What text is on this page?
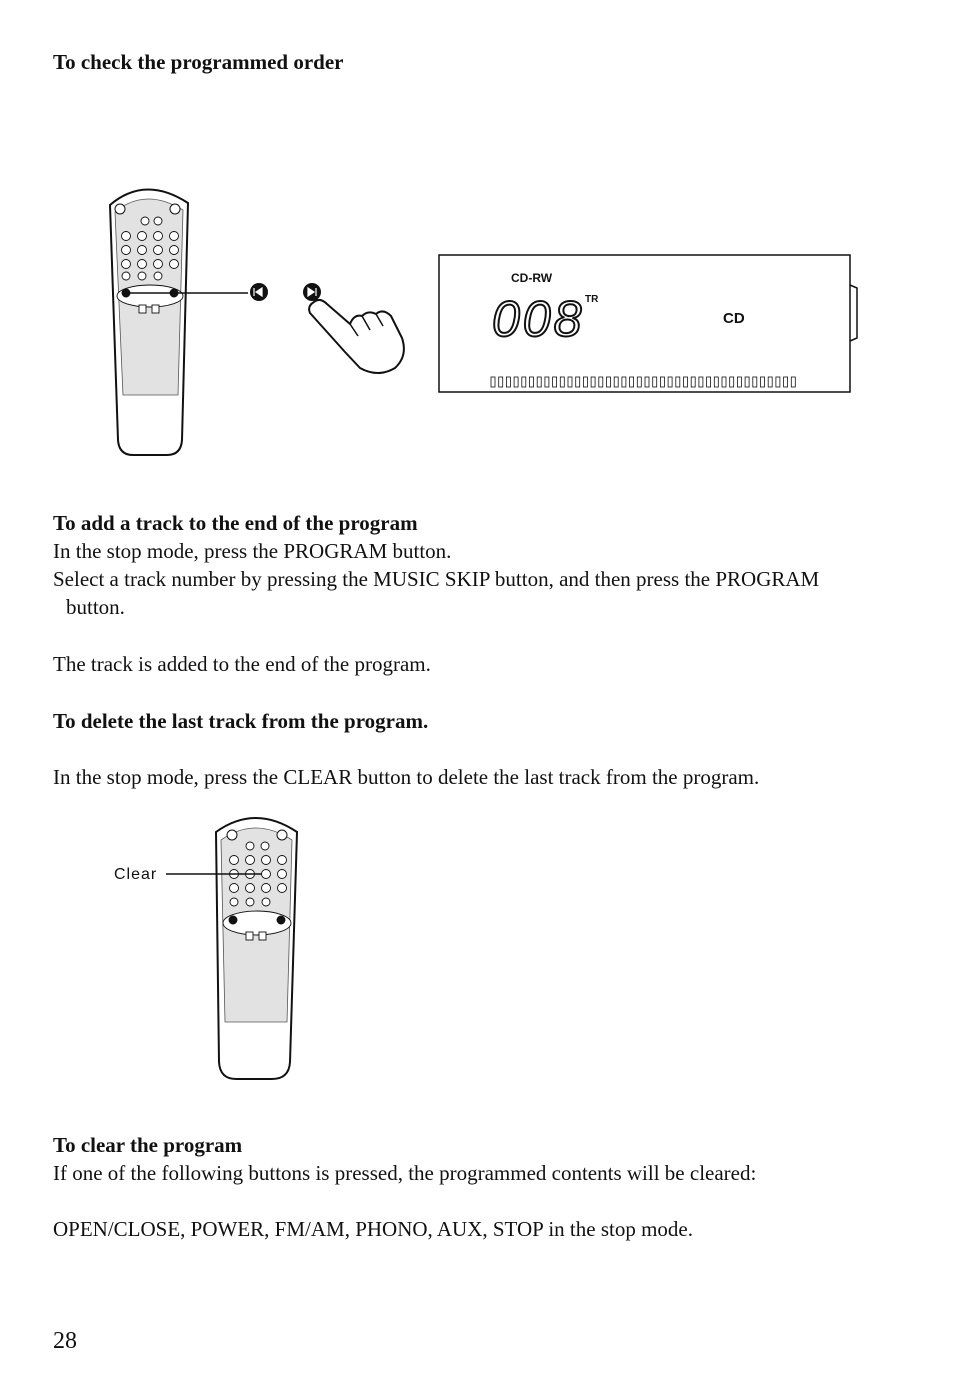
To check the programmed order
CD-RW
008 TR
CD
To add a track to the end of the program
In the stop mode, press the PROGRAM button.
Select a track number by pressing the MUSIC SKIP button, and then press the PROGRAM
button.
The track is added to the end of the program.
To delete the last track from the program.
In the stop mode, press the CLEAR button to delete the last track from the program.
Clear
To clear the program
If one of the following buttons is pressed, the programmed contents will be cleared:
OPEN/CLOSE, POWER, FM/AM, PHONO, AUX, STOP in the stop mode.
28
